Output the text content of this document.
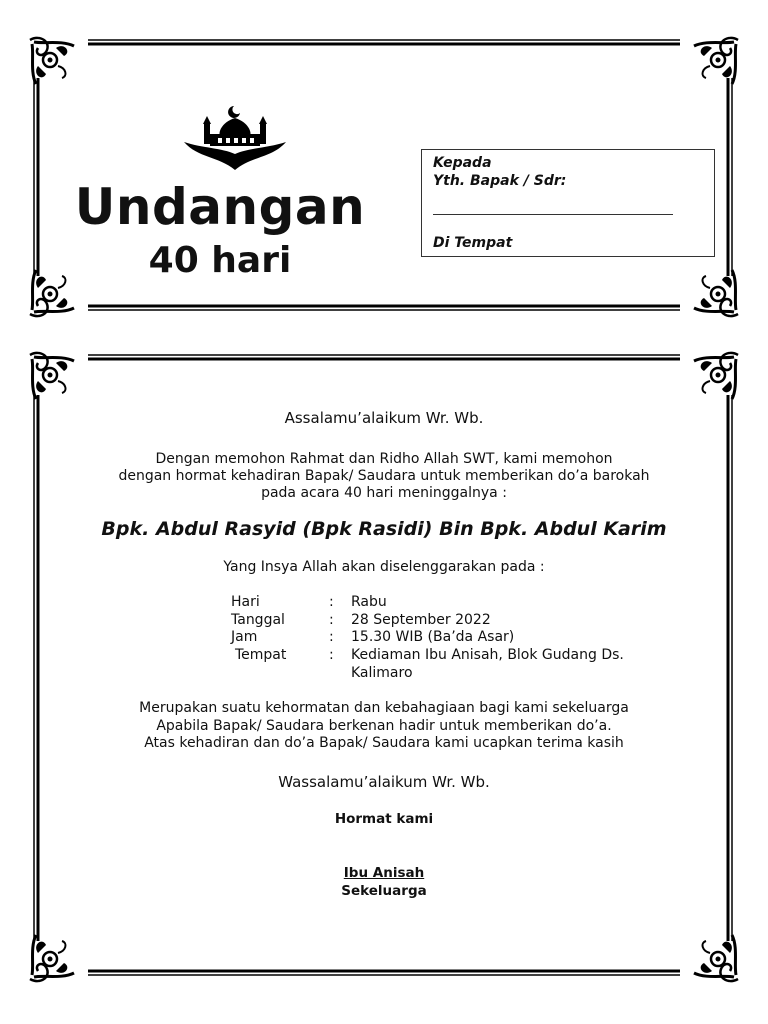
Undangan
40 hari
Kepada
Yth. Bapak / Sdr:
Di Tempat
Assalamu’alaikum Wr. Wb.
Dengan memohon Rahmat dan Ridho Allah SWT, kami memohon
dengan hormat kehadiran Bapak/ Saudara untuk memberikan do’a barokah
pada acara 40 hari meninggalnya :
Bpk. Abdul Rasyid (Bpk Rasidi) Bin Bpk. Abdul Karim
Yang Insya Allah akan diselenggarakan pada :
Hari	: Rabu
Tanggal	: 28 September 2022
Jam	: 15.30 WIB (Ba’da Asar)
Tempat	: Kediaman Ibu Anisah, Blok Gudang Ds.
Kalimaro
Merupakan suatu kehormatan dan kebahagiaan bagi kami sekeluarga
Apabila Bapak/ Saudara berkenan hadir untuk memberikan do’a.
Atas kehadiran dan do’a Bapak/ Saudara kami ucapkan terima kasih
Wassalamu’alaikum Wr. Wb.
Hormat kami
Ibu Anisah
Sekeluarga
